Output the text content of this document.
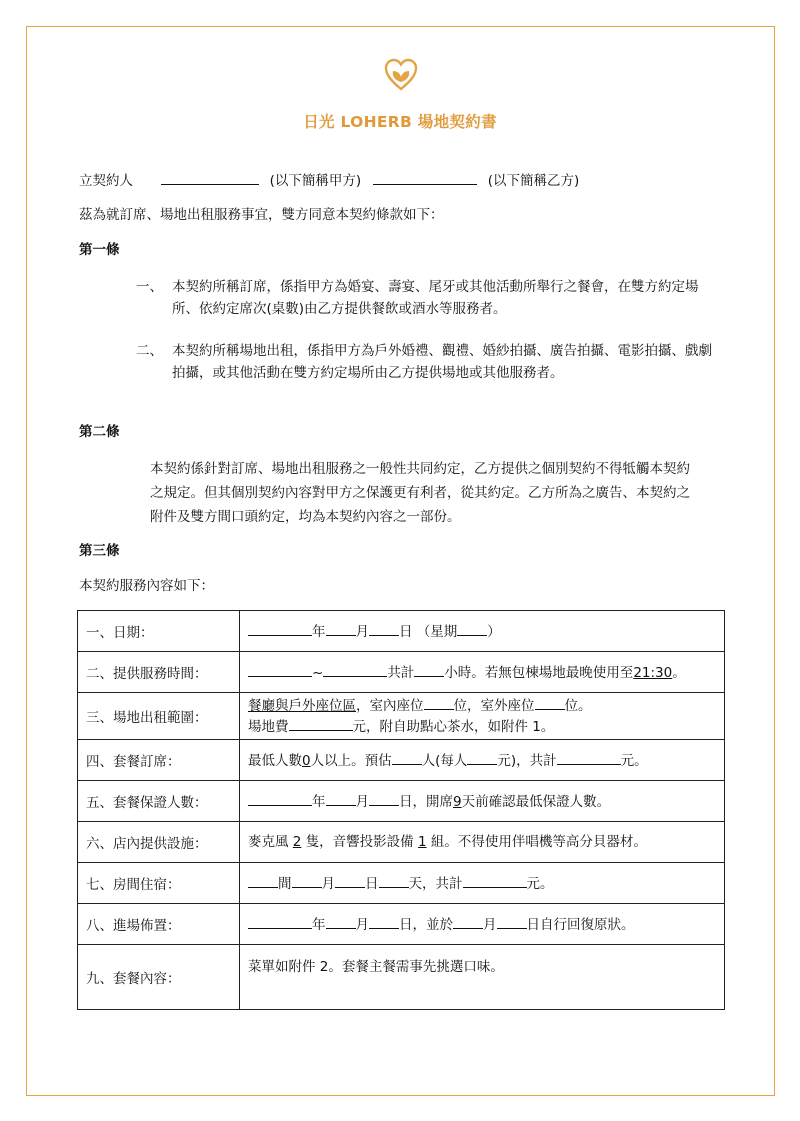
日光 LOHERB 場地契約書
立契約人	(以下簡稱甲方)	(以下簡稱乙方)
茲為就訂席、場地出租服務事宜，雙方同意本契約條款如下：
第一條
一、 本契約所稱訂席，係指甲方為婚宴、壽宴、尾牙或其他活動所舉行之餐會，在雙方約定場所、依約定席次(桌數)由乙方提供餐飲或酒水等服務者。
二、 本契約所稱場地出租，係指甲方為戶外婚禮、觀禮、婚紗拍攝、廣告拍攝、電影拍攝、戲劇拍攝，或其他活動在雙方約定場所由乙方提供場地或其他服務者。
第二條
本契約係針對訂席、場地出租服務之一般性共同約定，乙方提供之個別契約不得牴觸本契約之規定。但其個別契約內容對甲方之保護更有利者，從其約定。乙方所為之廣告、本契約之附件及雙方間口頭約定，均為本契約內容之一部份。
第三條
本契約服務內容如下：
一、日期：	年 月 日 （星期 ）
二、提供服務時間：	~ 共計 小時。若無包棟場地最晚使用至21:30。
三、場地出租範圍：	餐廳與戶外座位區，室內座位 位，室外座位 位。
場地費 元，附自助點心茶水，如附件 1。
四、套餐訂席：	最低人數0人以上。預估 人(每人 元)，共計 元。
五、套餐保證人數：	年 月 日，開席9天前確認最低保證人數。
六、店內提供設施：	麥克風 2 隻，音響投影設備 1 組。不得使用伴唱機等高分貝器材。
七、房間住宿：	間 月 日 天，共計 元。
八、進場佈置：	年 月 日，並於 月 日自行回復原狀。
九、套餐內容：	菜單如附件 2。套餐主餐需事先挑選口味。
